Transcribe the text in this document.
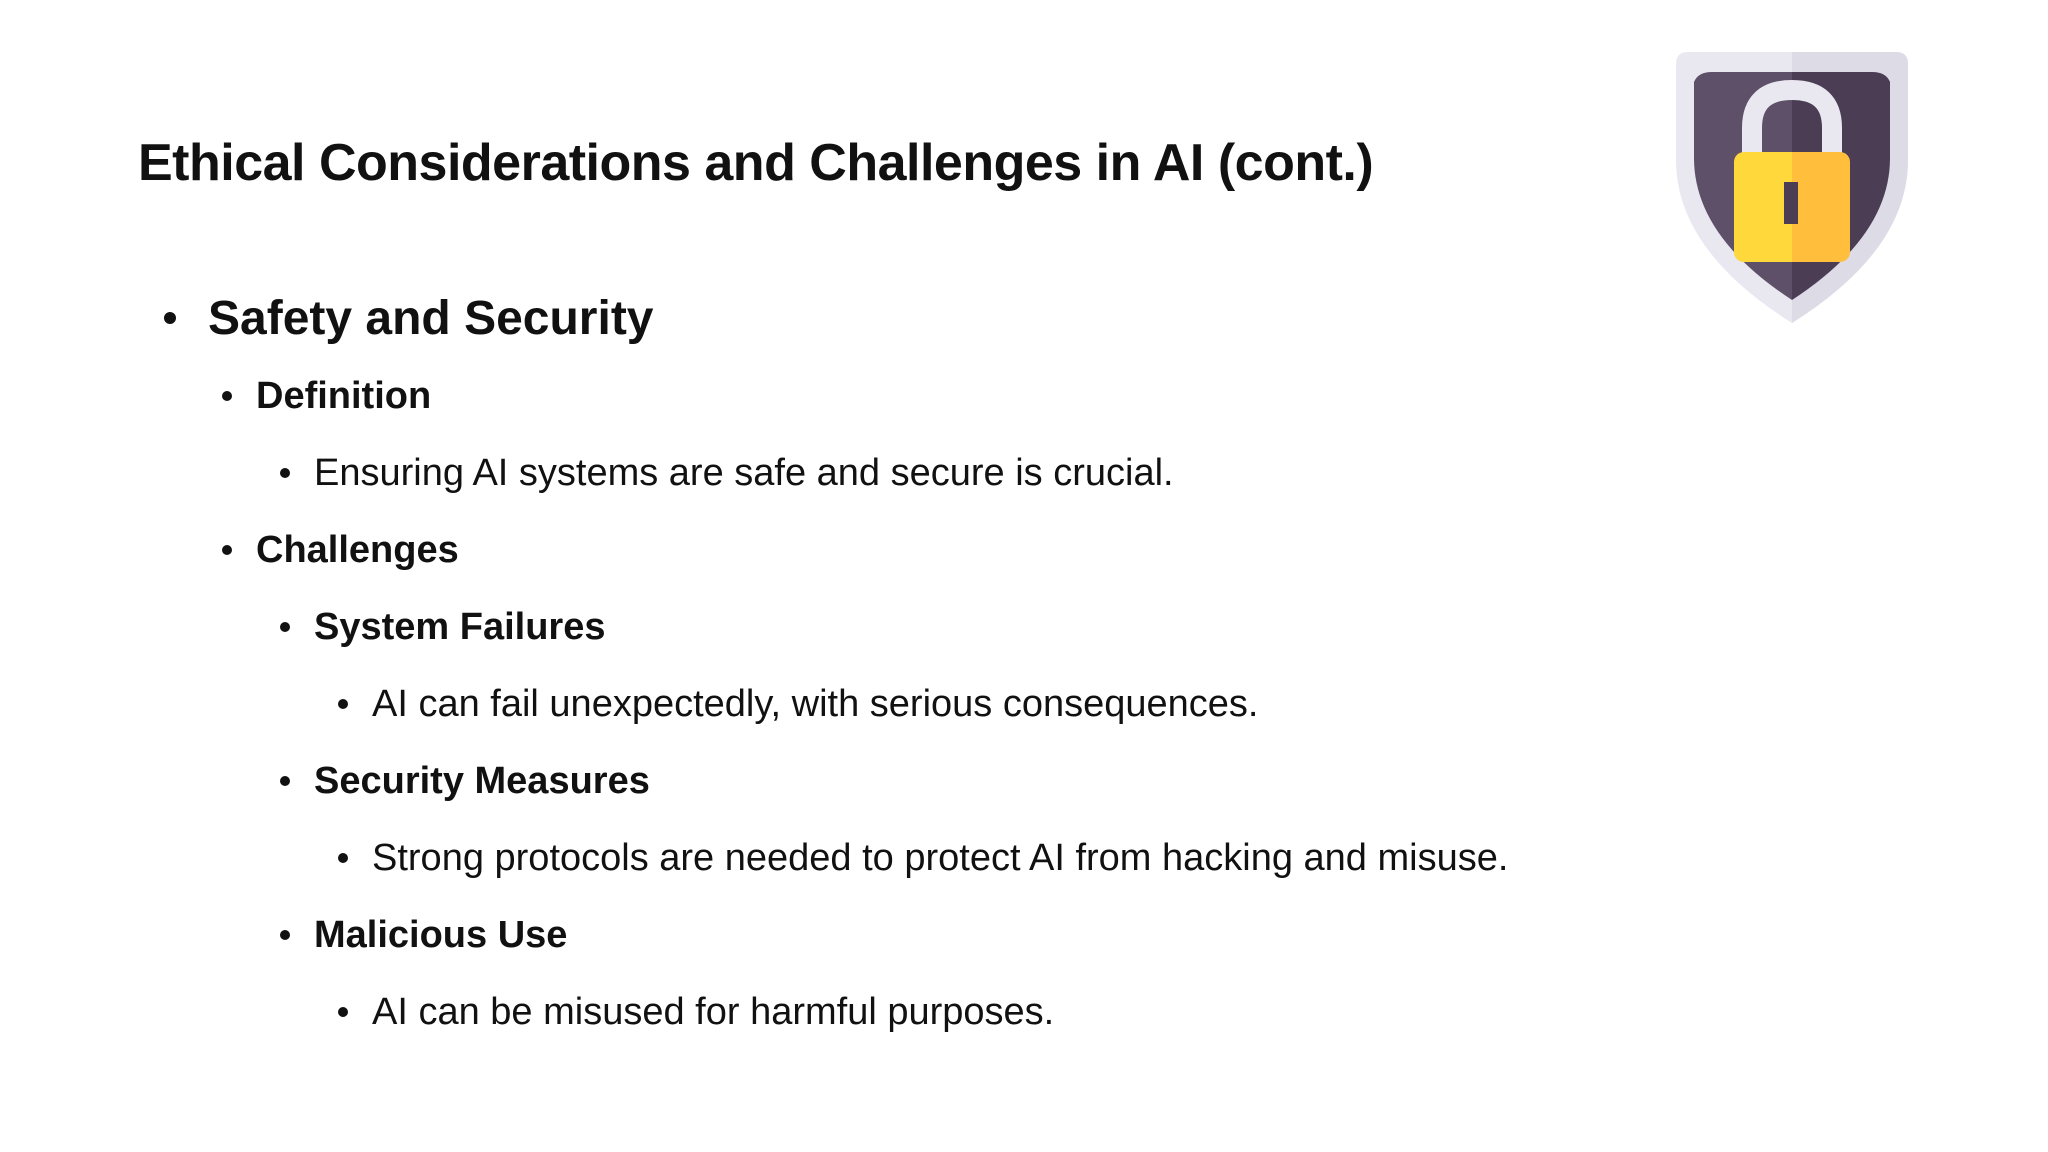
Ethical Considerations and Challenges in AI (cont.)
Safety and Security
Definition
Ensuring AI systems are safe and secure is crucial.
Challenges
System Failures
AI can fail unexpectedly, with serious consequences.
Security Measures
Strong protocols are needed to protect AI from hacking and misuse.
Malicious Use
AI can be misused for harmful purposes.
